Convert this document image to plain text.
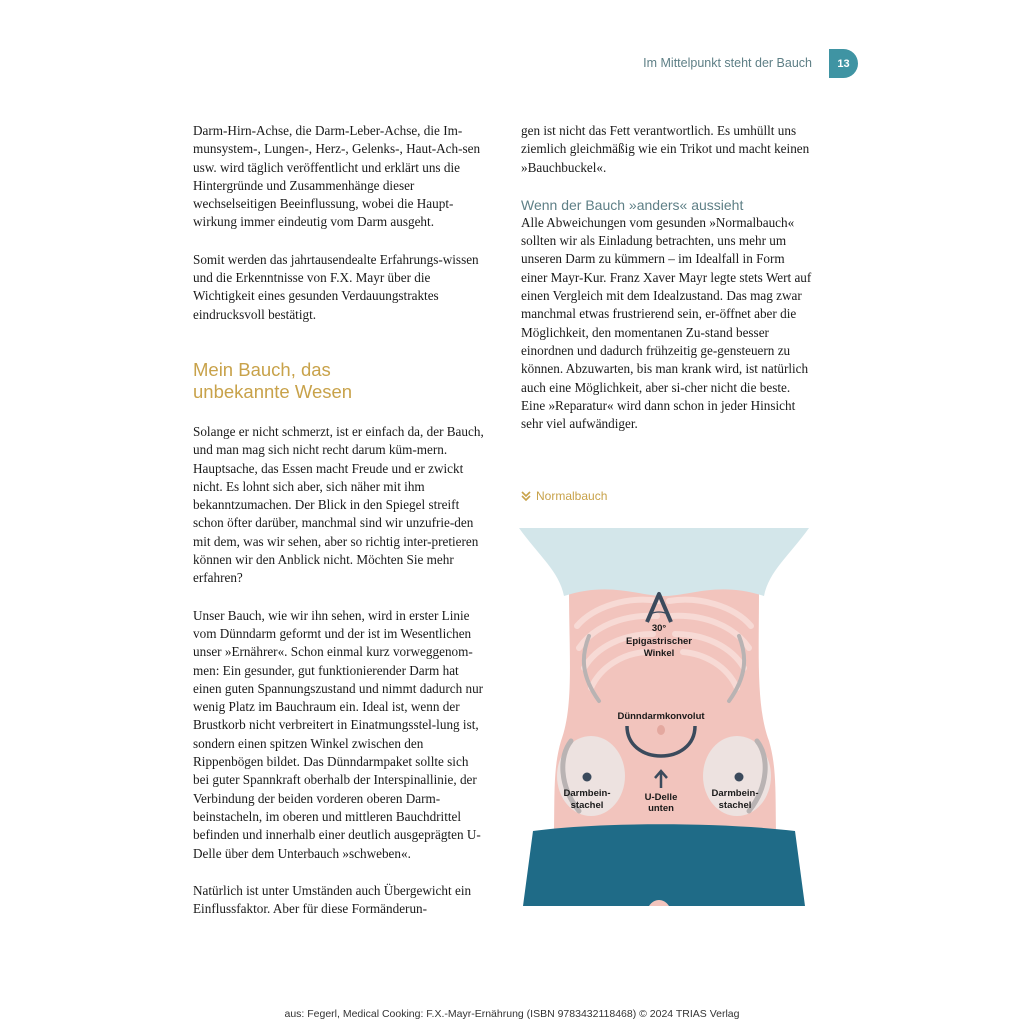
Im Mittelpunkt steht der Bauch	13

Darm-Hirn-Achse, die Darm-Leber-Achse, die Im-munsystem-, Lungen-, Herz-, Gelenks-, Haut-Ach-sen usw. wird täglich veröffentlicht und erklärt uns die Hintergründe und Zusammenhänge dieser wechselseitigen Beeinflussung, wobei die Haupt-wirkung immer eindeutig vom Darm ausgeht.

Somit werden das jahrtausendealte Erfahrungs-wissen und die Erkenntnisse von F.X. Mayr über die Wichtigkeit eines gesunden Verdauungstraktes eindrucksvoll bestätigt.

Mein Bauch, das
unbekannte Wesen

Solange er nicht schmerzt, ist er einfach da, der Bauch, und man mag sich nicht recht darum küm-mern. Hauptsache, das Essen macht Freude und er zwickt nicht. Es lohnt sich aber, sich näher mit ihm bekanntzumachen. Der Blick in den Spiegel streift schon öfter darüber, manchmal sind wir unzufrie-den mit dem, was wir sehen, aber so richtig inter-pretieren können wir den Anblick nicht. Möchten Sie mehr erfahren?

Unser Bauch, wie wir ihn sehen, wird in erster Linie vom Dünndarm geformt und der ist im Wesentlichen unser »Ernährer«. Schon einmal kurz vorweggenom-men: Ein gesunder, gut funktionierender Darm hat einen guten Spannungszustand und nimmt dadurch nur wenig Platz im Bauchraum ein. Ideal ist, wenn der Brustkorb nicht verbreitert in Einatmungsstel-lung ist, sondern einen spitzen Winkel zwischen den Rippenbögen bildet. Das Dünndarmpaket sollte sich bei guter Spannkraft oberhalb der Interspinallinie, der Verbindung der beiden vorderen oberen Darm-beinstacheln, im oberen und mittleren Bauchdrittel befinden und innerhalb einer deutlich ausgeprägten U-Delle über dem Unterbauch »schweben«.

Natürlich ist unter Umständen auch Übergewicht ein Einflussfaktor. Aber für diese Formänderun-

gen ist nicht das Fett verantwortlich. Es umhüllt uns ziemlich gleichmäßig wie ein Trikot und macht keinen »Bauchbuckel«.

Wenn der Bauch »anders« aussieht

Alle Abweichungen vom gesunden »Normalbauch« sollten wir als Einladung betrachten, uns mehr um unseren Darm zu kümmern – im Idealfall in Form einer Mayr-Kur. Franz Xaver Mayr legte stets Wert auf einen Vergleich mit dem Idealzustand. Das mag zwar manchmal etwas frustrierend sein, er-öffnet aber die Möglichkeit, den momentanen Zu-stand besser einordnen und dadurch frühzeitig ge-gensteuern zu können. Abzuwarten, bis man krank wird, ist natürlich auch eine Möglichkeit, aber si-cher nicht die beste. Eine »Reparatur« wird dann schon in jeder Hinsicht sehr viel aufwändiger.

Normalbauch
30°
Epigastrischer
Winkel
Dünndarmkonvolut
U-Delle
unten
Darmbein-
stachel
Darmbein-
stachel
aus: Fegerl, Medical Cooking: F.X.-Mayr-Ernährung (ISBN 9783432118468) © 2024 TRIAS Verlag
